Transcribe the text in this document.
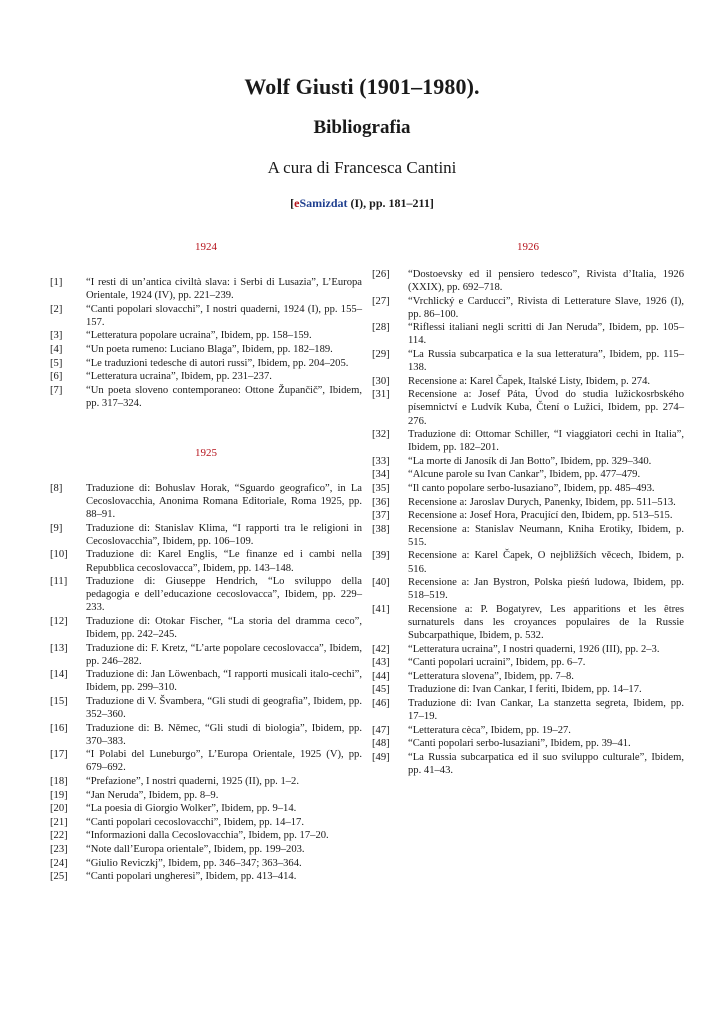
Wolf Giusti (1901–1980).
Bibliografia
A cura di Francesca Cantini
[eSamizdat (I), pp. 181–211]
1924
[1]	“I resti di un’antica civiltà slava: i Serbi di Lusazia”, L’Europa Orientale, 1924 (IV), pp. 221–239.
[2]	“Canti popolari slovacchi”, I nostri quaderni, 1924 (I), pp. 155–157.
[3]	“Letteratura popolare ucraina”, Ibidem, pp. 158–159.
[4]	“Un poeta rumeno: Luciano Blaga”, Ibidem, pp. 182–189.
[5]	“Le traduzioni tedesche di autori russi”, Ibidem, pp. 204–205.
[6]	“Letteratura ucraina”, Ibidem, pp. 231–237.
[7]	“Un poeta sloveno contemporaneo: Ottone Župančič”, Ibidem, pp. 317–324.
1925
[8]	Traduzione di: Bohuslav Horak, “Sguardo geografico”, in La Cecoslovacchia, Anonima Romana Editoriale, Roma 1925, pp. 88–91.
[9]	Traduzione di: Stanislav Klima, “I rapporti tra le religioni in Cecoslovacchia”, Ibidem, pp. 106–109.
[10]	Traduzione di: Karel Englis, “Le finanze ed i cambi nella Repubblica cecoslovacca”, Ibidem, pp. 143–148.
[11]	Traduzione di: Giuseppe Hendrich, “Lo sviluppo della pedagogia e dell’educazione cecoslovacca”, Ibidem, pp. 229–233.
[12]	Traduzione di: Otokar Fischer, “La storia del dramma ceco”, Ibidem, pp. 242–245.
[13]	Traduzione di: F. Kretz, “L’arte popolare cecoslovacca”, Ibidem, pp. 246–282.
[14]	Traduzione di: Jan Löwenbach, “I rapporti musicali italo-cechi”, Ibidem, pp. 299–310.
[15]	Traduzione di V. Švambera, “Gli studi di geografia”, Ibidem, pp. 352–360.
[16]	Traduzione di: B. Němec, “Gli studi di biologia”, Ibidem, pp. 370–383.
[17]	“I Polabi del Luneburgo”, L’Europa Orientale, 1925 (V), pp. 679–692.
[18]	“Prefazione”, I nostri quaderni, 1925 (II), pp. 1–2.
[19]	“Jan Neruda”, Ibidem, pp. 8–9.
[20]	“La poesia di Giorgio Wolker”, Ibidem, pp. 9–14.
[21]	“Canti popolari cecoslovacchi”, Ibidem, pp. 14–17.
[22]	“Informazioni dalla Cecoslovacchia”, Ibidem, pp. 17–20.
[23]	“Note dall’Europa orientale”, Ibidem, pp. 199–203.
[24]	“Giulio Reviczkj”, Ibidem, pp. 346–347; 363–364.
[25]	“Canti popolari ungheresi”, Ibidem, pp. 413–414.
1926
[26]	“Dostoevsky ed il pensiero tedesco”, Rivista d’Italia, 1926 (XXIX), pp. 692–718.
[27]	“Vrchlický e Carducci”, Rivista di Letterature Slave, 1926 (I), pp. 86–100.
[28]	“Riflessi italiani negli scritti di Jan Neruda”, Ibidem, pp. 105–114.
[29]	“La Russia subcarpatica e la sua letteratura”, Ibidem, pp. 115–138.
[30]	Recensione a: Karel Čapek, Italské Listy, Ibidem, p. 274.
[31]	Recensione a: Josef Páta, Úvod do studia lužickosrbského písemnictví e Ludvík Kuba, Čtení o Lužici, Ibidem, pp. 274–276.
[32]	Traduzione di: Ottomar Schiller, “I viaggiatori cechi in Italia”, Ibidem, pp. 182–201.
[33]	“La morte di Janosík di Jan Botto”, Ibidem, pp. 329–340.
[34]	“Alcune parole su Ivan Cankar”, Ibidem, pp. 477–479.
[35]	“Il canto popolare serbo-lusaziano”, Ibidem, pp. 485–493.
[36]	Recensione a: Jaroslav Durych, Panenky, Ibidem, pp. 511–513.
[37]	Recensione a: Josef Hora, Pracující den, Ibidem, pp. 513–515.
[38]	Recensione a: Stanislav Neumann, Kniha Erotiky, Ibidem, p. 515.
[39]	Recensione a: Karel Čapek, O nejbližších věcech, Ibidem, p. 516.
[40]	Recensione a: Jan Bystron, Polska pieśń ludowa, Ibidem, pp. 518–519.
[41]	Recensione a: P. Bogatyrev, Les apparitions et les êtres surnaturels dans les croyances populaires de la Russie Subcarpathique, Ibidem, p. 532.
[42]	“Letteratura ucraina”, I nostri quaderni, 1926 (III), pp. 2–3.
[43]	“Canti popolari ucraini”, Ibidem, pp. 6–7.
[44]	“Letteratura slovena”, Ibidem, pp. 7–8.
[45]	Traduzione di: Ivan Cankar, I feriti, Ibidem, pp. 14–17.
[46]	Traduzione di: Ivan Cankar, La stanzetta segreta, Ibidem, pp. 17–19.
[47]	“Letteratura cèca”, Ibidem, pp. 19–27.
[48]	“Canti popolari serbo-lusaziani”, Ibidem, pp. 39–41.
[49]	“La Russia subcarpatica ed il suo sviluppo culturale”, Ibidem, pp. 41–43.
